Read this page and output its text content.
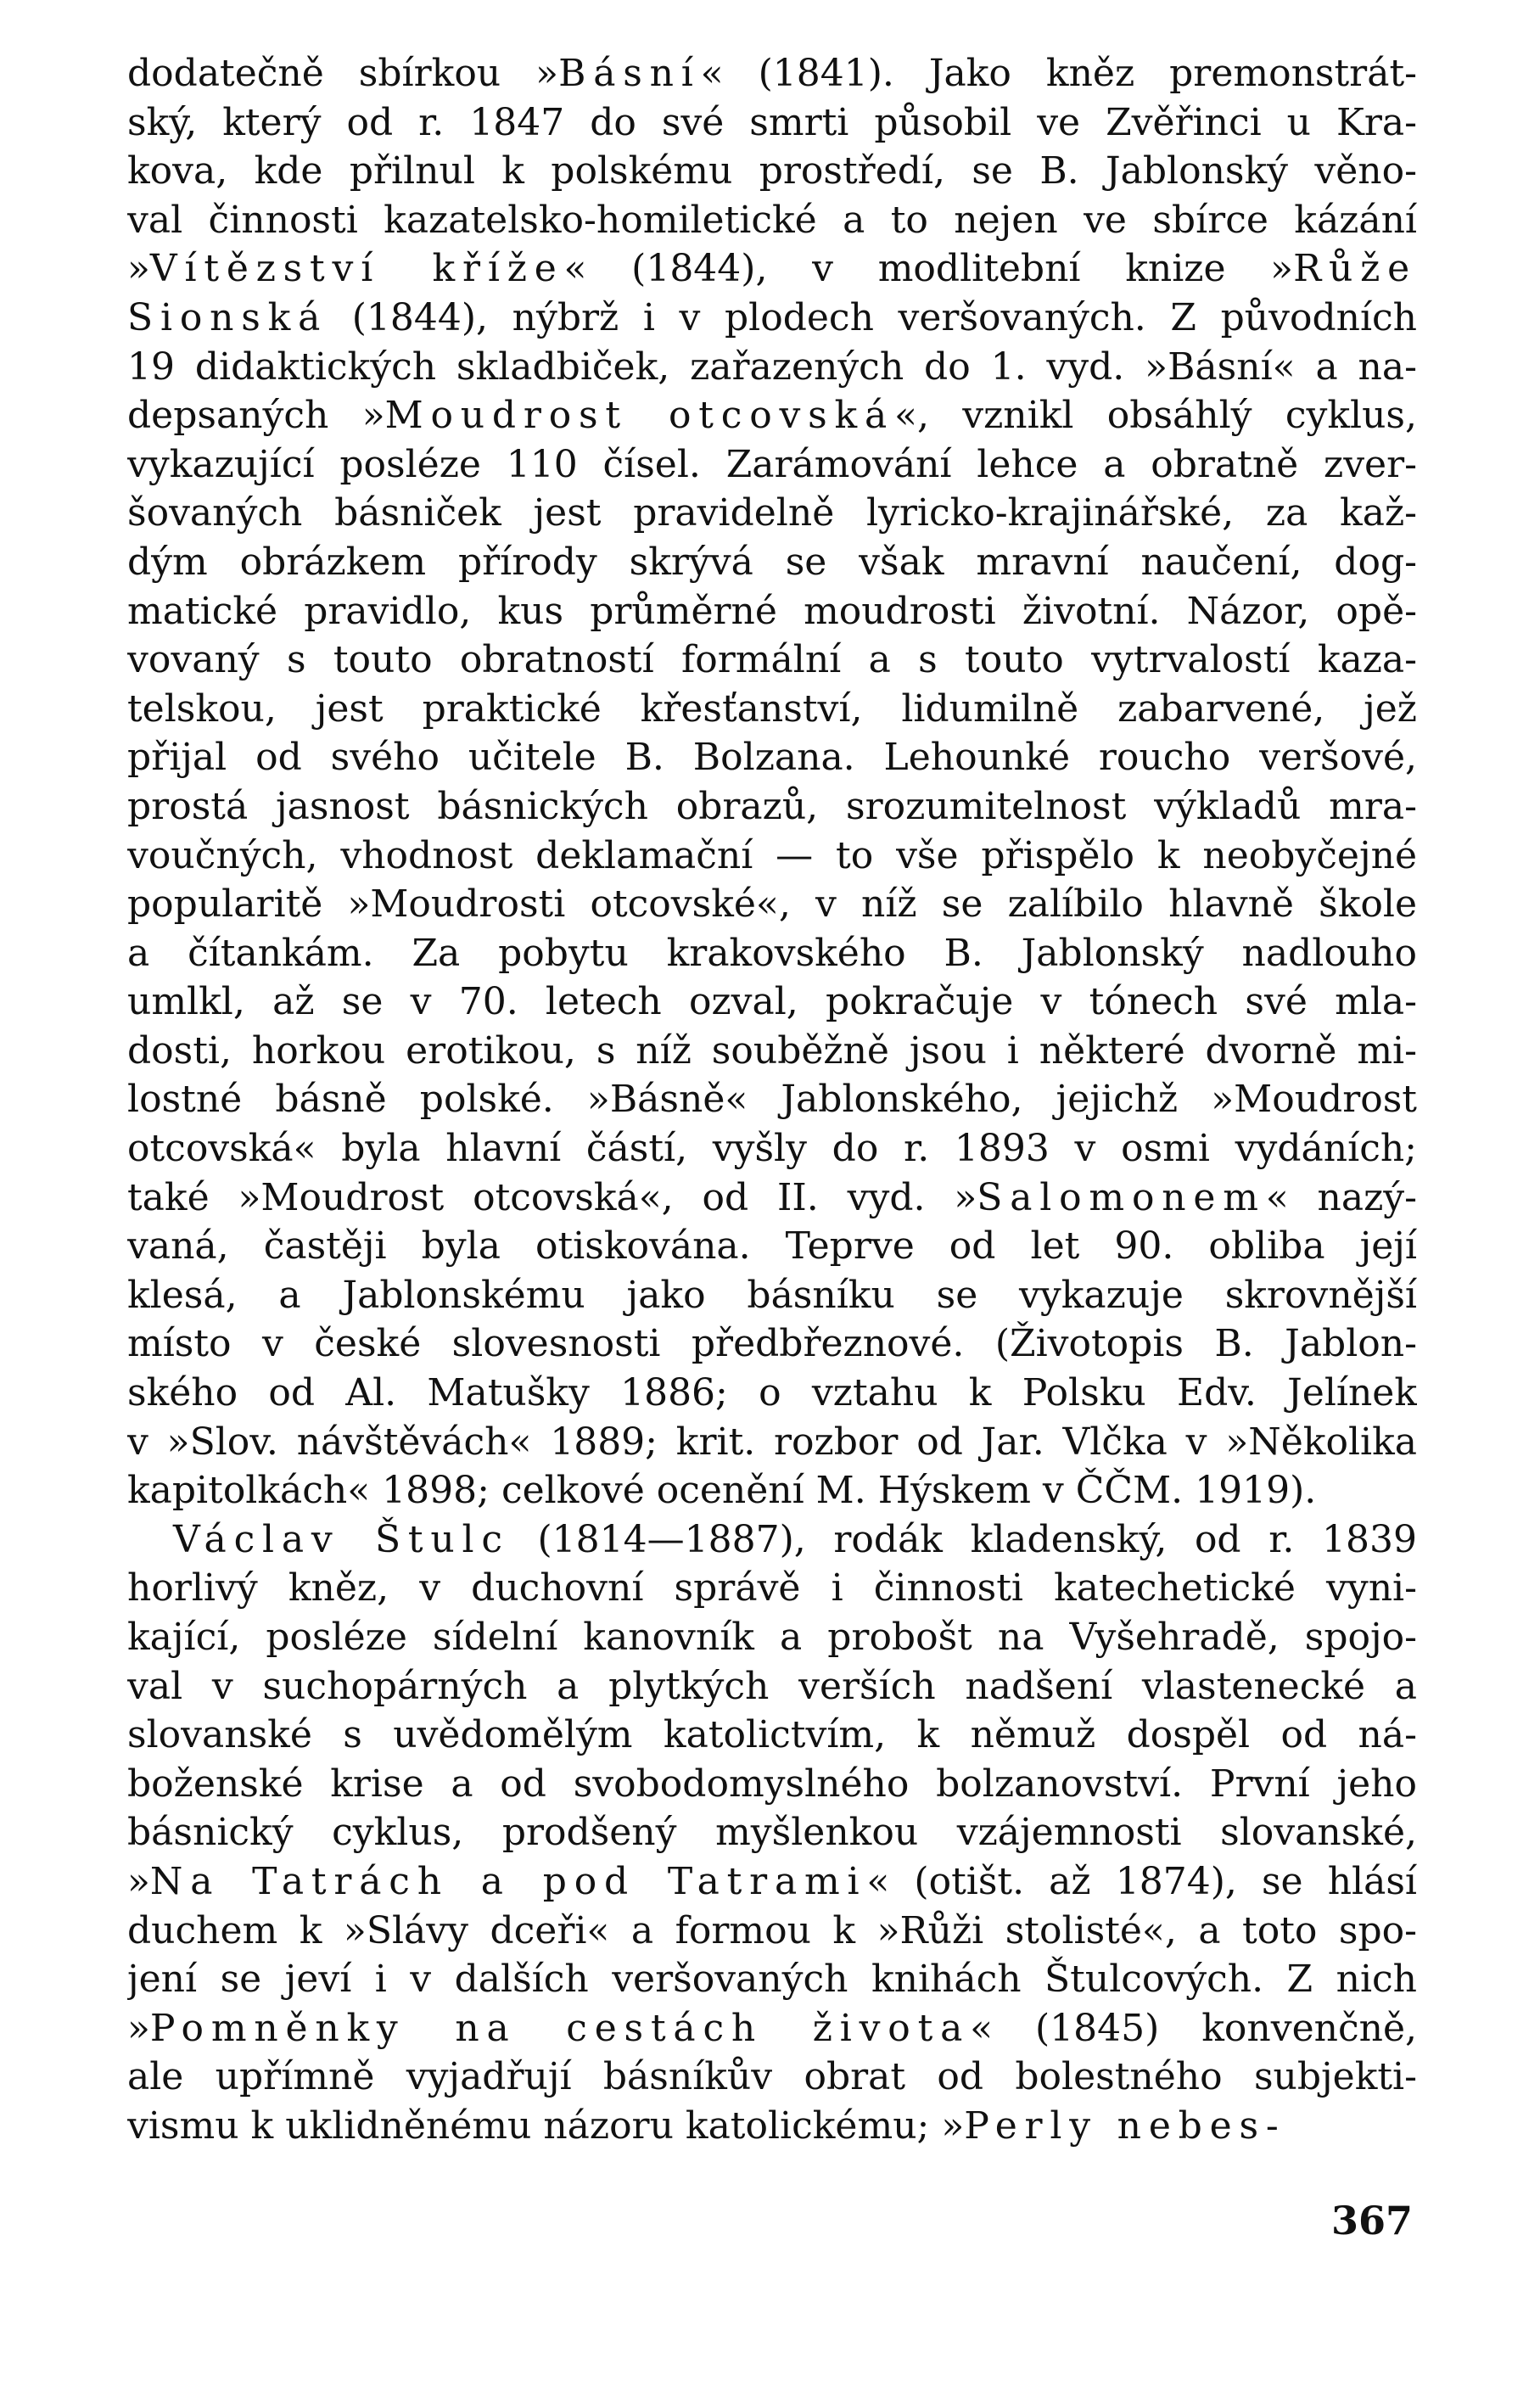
dodatečně sbírkou »Básní« (1841). Jako kněz premonstrát-
ský, který od r. 1847 do své smrti působil ve Zvěřinci u Kra-
kova, kde přilnul k polskému prostředí, se B. Jablonský věno-
val činnosti kazatelsko-homiletické a to nejen ve sbírce kázání
»Vítězství kříže« (1844), v modlitební knize »Růže
Sionská (1844), nýbrž i v plodech veršovaných. Z původních
19 didaktických skladbiček, zařazených do 1. vyd. »Básní« a na-
depsaných »Moudrost otcovská«, vznikl obsáhlý cyklus,
vykazující posléze 110 čísel. Zarámování lehce a obratně zver-
šovaných básniček jest pravidelně lyricko-krajinářské, za kaž-
dým obrázkem přírody skrývá se však mravní naučení, dog-
matické pravidlo, kus průměrné moudrosti životní. Názor, opě-
vovaný s touto obratností formální a s touto vytrvalostí kaza-
telskou, jest praktické křesťanství, lidumilně zabarvené, jež
přijal od svého učitele B. Bolzana. Lehounké roucho veršové,
prostá jasnost básnických obrazů, srozumitelnost výkladů mra-
voučných, vhodnost deklamační — to vše přispělo k neobyčejné
popularitě »Moudrosti otcovské«, v níž se zalíbilo hlavně škole
a čítankám. Za pobytu krakovského B. Jablonský nadlouho
umlkl, až se v 70. letech ozval, pokračuje v tónech své mla-
dosti, horkou erotikou, s níž souběžně jsou i některé dvorně mi-
lostné básně polské. »Básně« Jablonského, jejichž »Moudrost
otcovská« byla hlavní částí, vyšly do r. 1893 v osmi vydáních;
také »Moudrost otcovská«, od II. vyd. »Salomonem« nazý-
vaná, častěji byla otiskována. Teprve od let 90. obliba její
klesá, a Jablonskému jako básníku se vykazuje skrovnější
místo v české slovesnosti předbřeznové. (Životopis B. Jablon-
ského od Al. Matušky 1886; o vztahu k Polsku Edv. Jelínek
v »Slov. návštěvách« 1889; krit. rozbor od Jar. Vlčka v »Několika
kapitolkách« 1898; celkové ocenění M. Hýskem v ČČM. 1919).
Václav Štulc (1814—1887), rodák kladenský, od r. 1839
horlivý kněz, v duchovní správě i činnosti katechetické vyni-
kající, posléze sídelní kanovník a probošt na Vyšehradě, spojo-
val v suchopárných a plytkých verších nadšení vlastenecké a
slovanské s uvědomělým katolictvím, k němuž dospěl od ná-
boženské krise a od svobodomyslného bolzanovství. První jeho
básnický cyklus, prodšený myšlenkou vzájemnosti slovanské,
»Na Tatrách a pod Tatrami« (otišt. až 1874), se hlásí
duchem k »Slávy dceři« a formou k »Růži stolisté«, a toto spo-
jení se jeví i v dalších veršovaných knihách Štulcových. Z nich
»Pomněnky na cestách života« (1845) konvenčně,
ale upřímně vyjadřují básníkův obrat od bolestného subjekti-
vismu k uklidněnému názoru katolickému; »Perly nebes-
367
